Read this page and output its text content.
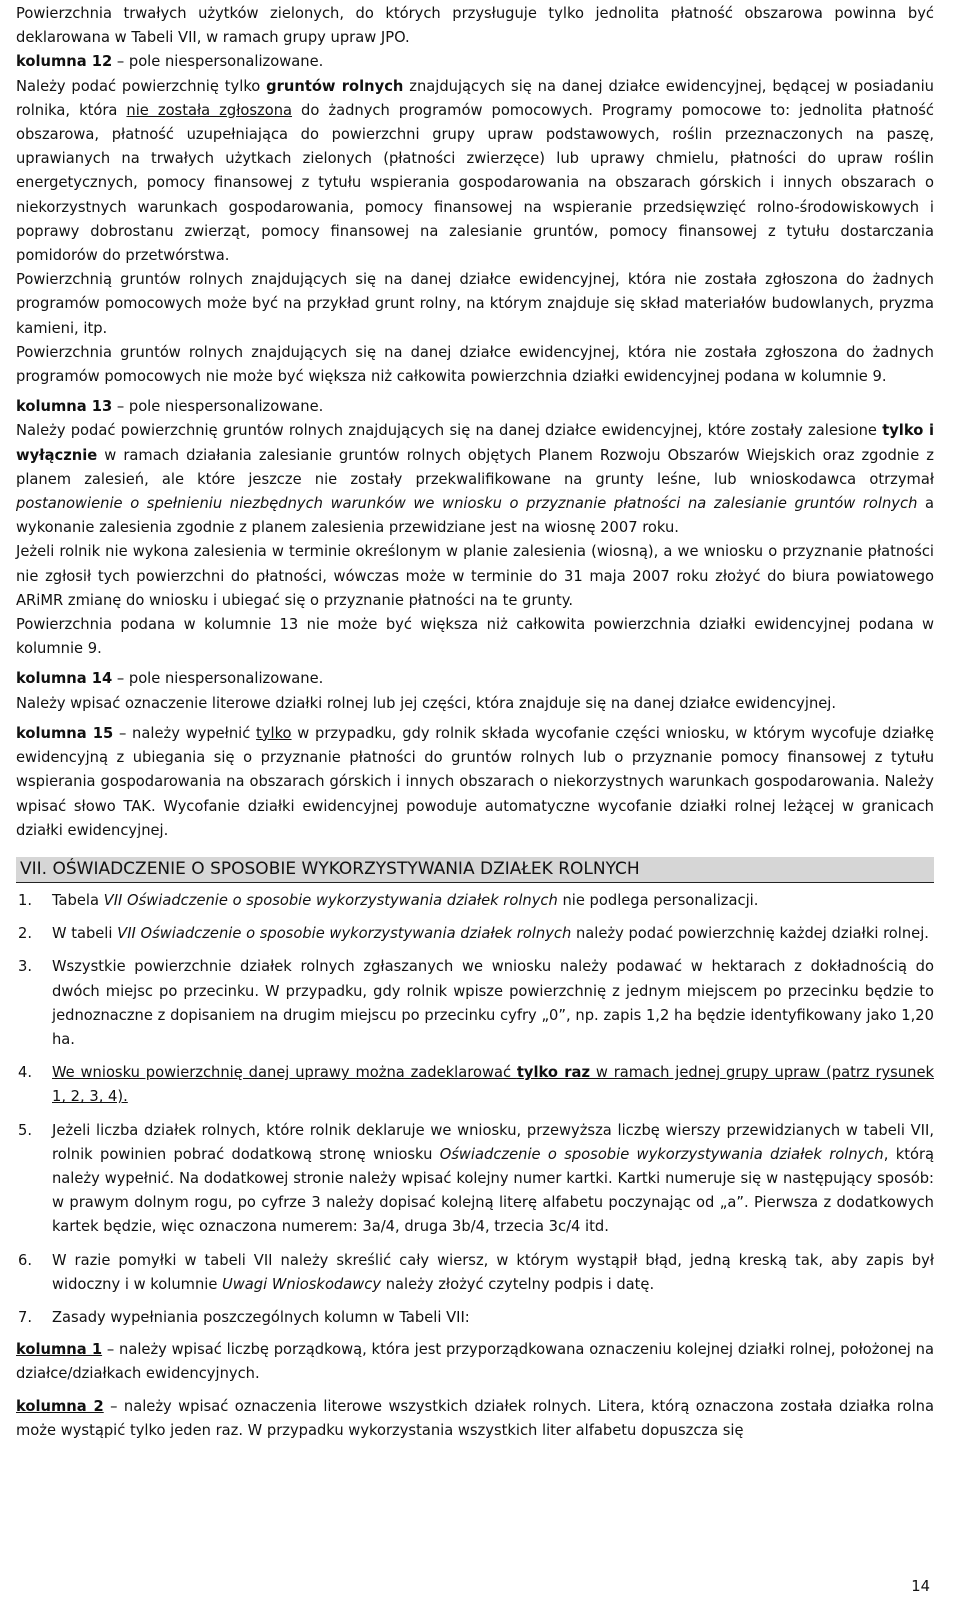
Powierzchnia trwałych użytków zielonych, do których przysługuje tylko jednolita płatność obszarowa powinna być deklarowana w Tabeli VII, w ramach grupy upraw JPO.

kolumna 12 – pole niespersonalizowane.

Należy podać powierzchnię tylko gruntów rolnych znajdujących się na danej działce ewidencyjnej, będącej w posiadaniu rolnika, która nie została zgłoszona do żadnych programów pomocowych. Programy pomocowe to: jednolita płatność obszarowa, płatność uzupełniająca do powierzchni grupy upraw podstawowych, roślin przeznaczonych na paszę, uprawianych na trwałych użytkach zielonych (płatności zwierzęce) lub uprawy chmielu, płatności do upraw roślin energetycznych, pomocy finansowej z tytułu wspierania gospodarowania na obszarach górskich i innych obszarach o niekorzystnych warunkach gospodarowania, pomocy finansowej na wspieranie przedsięwzięć rolno-środowiskowych i poprawy dobrostanu zwierząt, pomocy finansowej na zalesianie gruntów, pomocy finansowej z tytułu dostarczania pomidorów do przetwórstwa.

Powierzchnią gruntów rolnych znajdujących się na danej działce ewidencyjnej, która nie została zgłoszona do żadnych programów pomocowych może być na przykład grunt rolny, na którym znajduje się skład materiałów budowlanych, pryzma kamieni, itp.

Powierzchnia gruntów rolnych znajdujących się na danej działce ewidencyjnej, która nie została zgłoszona do żadnych programów pomocowych nie może być większa niż całkowita powierzchnia działki ewidencyjnej podana w kolumnie 9.

kolumna 13 – pole niespersonalizowane.

Należy podać powierzchnię gruntów rolnych znajdujących się na danej działce ewidencyjnej, które zostały zalesione tylko i wyłącznie w ramach działania zalesianie gruntów rolnych objętych Planem Rozwoju Obszarów Wiejskich oraz zgodnie z planem zalesień, ale które jeszcze nie zostały przekwalifikowane na grunty leśne, lub wnioskodawca otrzymał postanowienie o spełnieniu niezbędnych warunków we wniosku o przyznanie płatności na zalesianie gruntów rolnych a wykonanie zalesienia zgodnie z planem zalesienia przewidziane jest na wiosnę 2007 roku.

Jeżeli rolnik nie wykona zalesienia w terminie określonym w planie zalesienia (wiosną), a we wniosku o przyznanie płatności nie zgłosił tych powierzchni do płatności, wówczas może w terminie do 31 maja 2007 roku złożyć do biura powiatowego ARiMR zmianę do wniosku i ubiegać się o przyznanie płatności na te grunty.

Powierzchnia podana w kolumnie 13 nie może być większa niż całkowita powierzchnia działki ewidencyjnej podana w kolumnie 9.

kolumna 14 – pole niespersonalizowane.

Należy wpisać oznaczenie literowe działki rolnej lub jej części, która znajduje się na danej działce ewidencyjnej.

kolumna 15 – należy wypełnić tylko w przypadku, gdy rolnik składa wycofanie części wniosku, w którym wycofuje działkę ewidencyjną z ubiegania się o przyznanie płatności do gruntów rolnych lub o przyznanie pomocy finansowej z tytułu wspierania gospodarowania na obszarach górskich i innych obszarach o niekorzystnych warunkach gospodarowania. Należy wpisać słowo TAK. Wycofanie działki ewidencyjnej powoduje automatyczne wycofanie działki rolnej leżącej w granicach działki ewidencyjnej.

VII. OŚWIADCZENIE O SPOSOBIE WYKORZYSTYWANIA DZIAŁEK ROLNYCH
1. Tabela VII Oświadczenie o sposobie wykorzystywania działek rolnych nie podlega personalizacji.
2. W tabeli VII Oświadczenie o sposobie wykorzystywania działek rolnych należy podać powierzchnię każdej działki rolnej.
3. Wszystkie powierzchnie działek rolnych zgłaszanych we wniosku należy podawać w hektarach z dokładnością do dwóch miejsc po przecinku. W przypadku, gdy rolnik wpisze powierzchnię z jednym miejscem po przecinku będzie to jednoznaczne z dopisaniem na drugim miejscu po przecinku cyfry „0”, np. zapis 1,2 ha będzie identyfikowany jako 1,20 ha.
4. We wniosku powierzchnię danej uprawy można zadeklarować tylko raz w ramach jednej grupy upraw (patrz rysunek 1, 2, 3, 4).
5. Jeżeli liczba działek rolnych, które rolnik deklaruje we wniosku, przewyższa liczbę wierszy przewidzianych w tabeli VII, rolnik powinien pobrać dodatkową stronę wniosku Oświadczenie o sposobie wykorzystywania działek rolnych, którą należy wypełnić. Na dodatkowej stronie należy wpisać kolejny numer kartki. Kartki numeruje się w następujący sposób: w prawym dolnym rogu, po cyfrze 3 należy dopisać kolejną literę alfabetu poczynając od „a”. Pierwsza z dodatkowych kartek będzie, więc oznaczona numerem: 3a/4, druga 3b/4, trzecia 3c/4 itd.
6. W razie pomyłki w tabeli VII należy skreślić cały wiersz, w którym wystąpił błąd, jedną kreską tak, aby zapis był widoczny i w kolumnie Uwagi Wnioskodawcy należy złożyć czytelny podpis i datę.
7. Zasady wypełniania poszczególnych kolumn w Tabeli VII:

kolumna 1 – należy wpisać liczbę porządkową, która jest przyporządkowana oznaczeniu kolejnej działki rolnej, położonej na działce/działkach ewidencyjnych.

kolumna 2 – należy wpisać oznaczenia literowe wszystkich działek rolnych. Litera, którą oznaczona została działka rolna może wystąpić tylko jeden raz. W przypadku wykorzystania wszystkich liter alfabetu dopuszcza się

14
